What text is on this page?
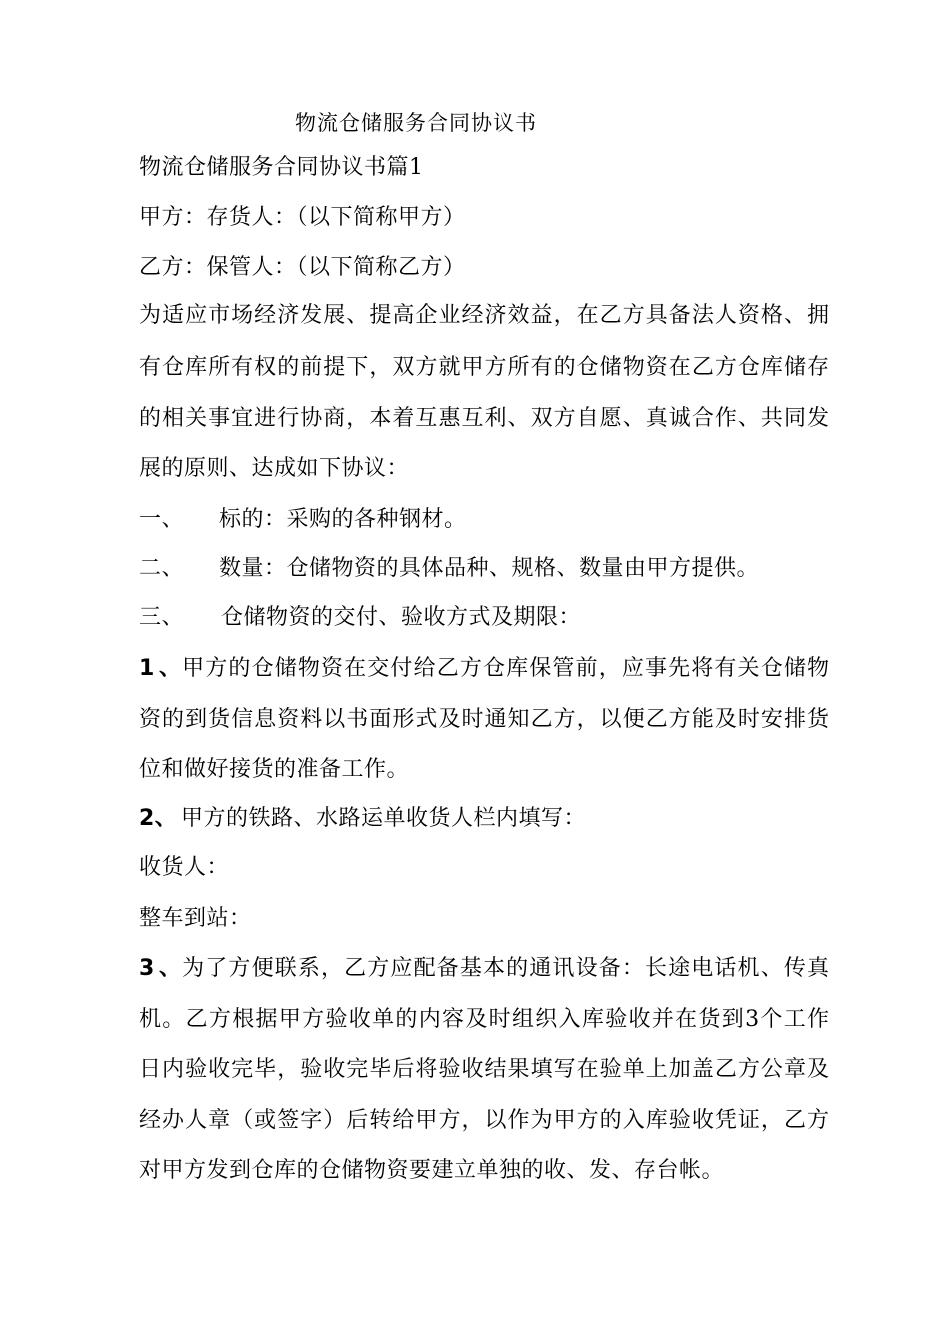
物流仓储服务合同协议书
物流仓储服务合同协议书篇1
甲方：存货人：（以下简称甲方）
乙方：保管人：（以下简称乙方）
为适应市场经济发展、提高企业经济效益，在乙方具备法人资格、拥
有仓库所有权的前提下，双方就甲方所有的仓储物资在乙方仓库储存
的相关事宜进行协商，本着互惠互利、双方自愿、真诚合作、共同发
展的原则、达成如下协议：
一、 标的：采购的各种钢材。
二、 数量：仓储物资的具体品种、规格、数量由甲方提供。
三、 仓储物资的交付、验收方式及期限：
1、甲方的仓储物资在交付给乙方仓库保管前，应事先将有关仓储物
资的到货信息资料以书面形式及时通知乙方，以便乙方能及时安排货
位和做好接货的准备工作。
2、 甲方的铁路、水路运单收货人栏内填写：
收货人：
整车到站：
3、为了方便联系，乙方应配备基本的通讯设备：长途电话机、传真
机。乙方根据甲方验收单的内容及时组织入库验收并在货到3个工作
日内验收完毕，验收完毕后将验收结果填写在验单上加盖乙方公章及
经办人章（或签字）后转给甲方，以作为甲方的入库验收凭证，乙方
对甲方发到仓库的仓储物资要建立单独的收、发、存台帐。
